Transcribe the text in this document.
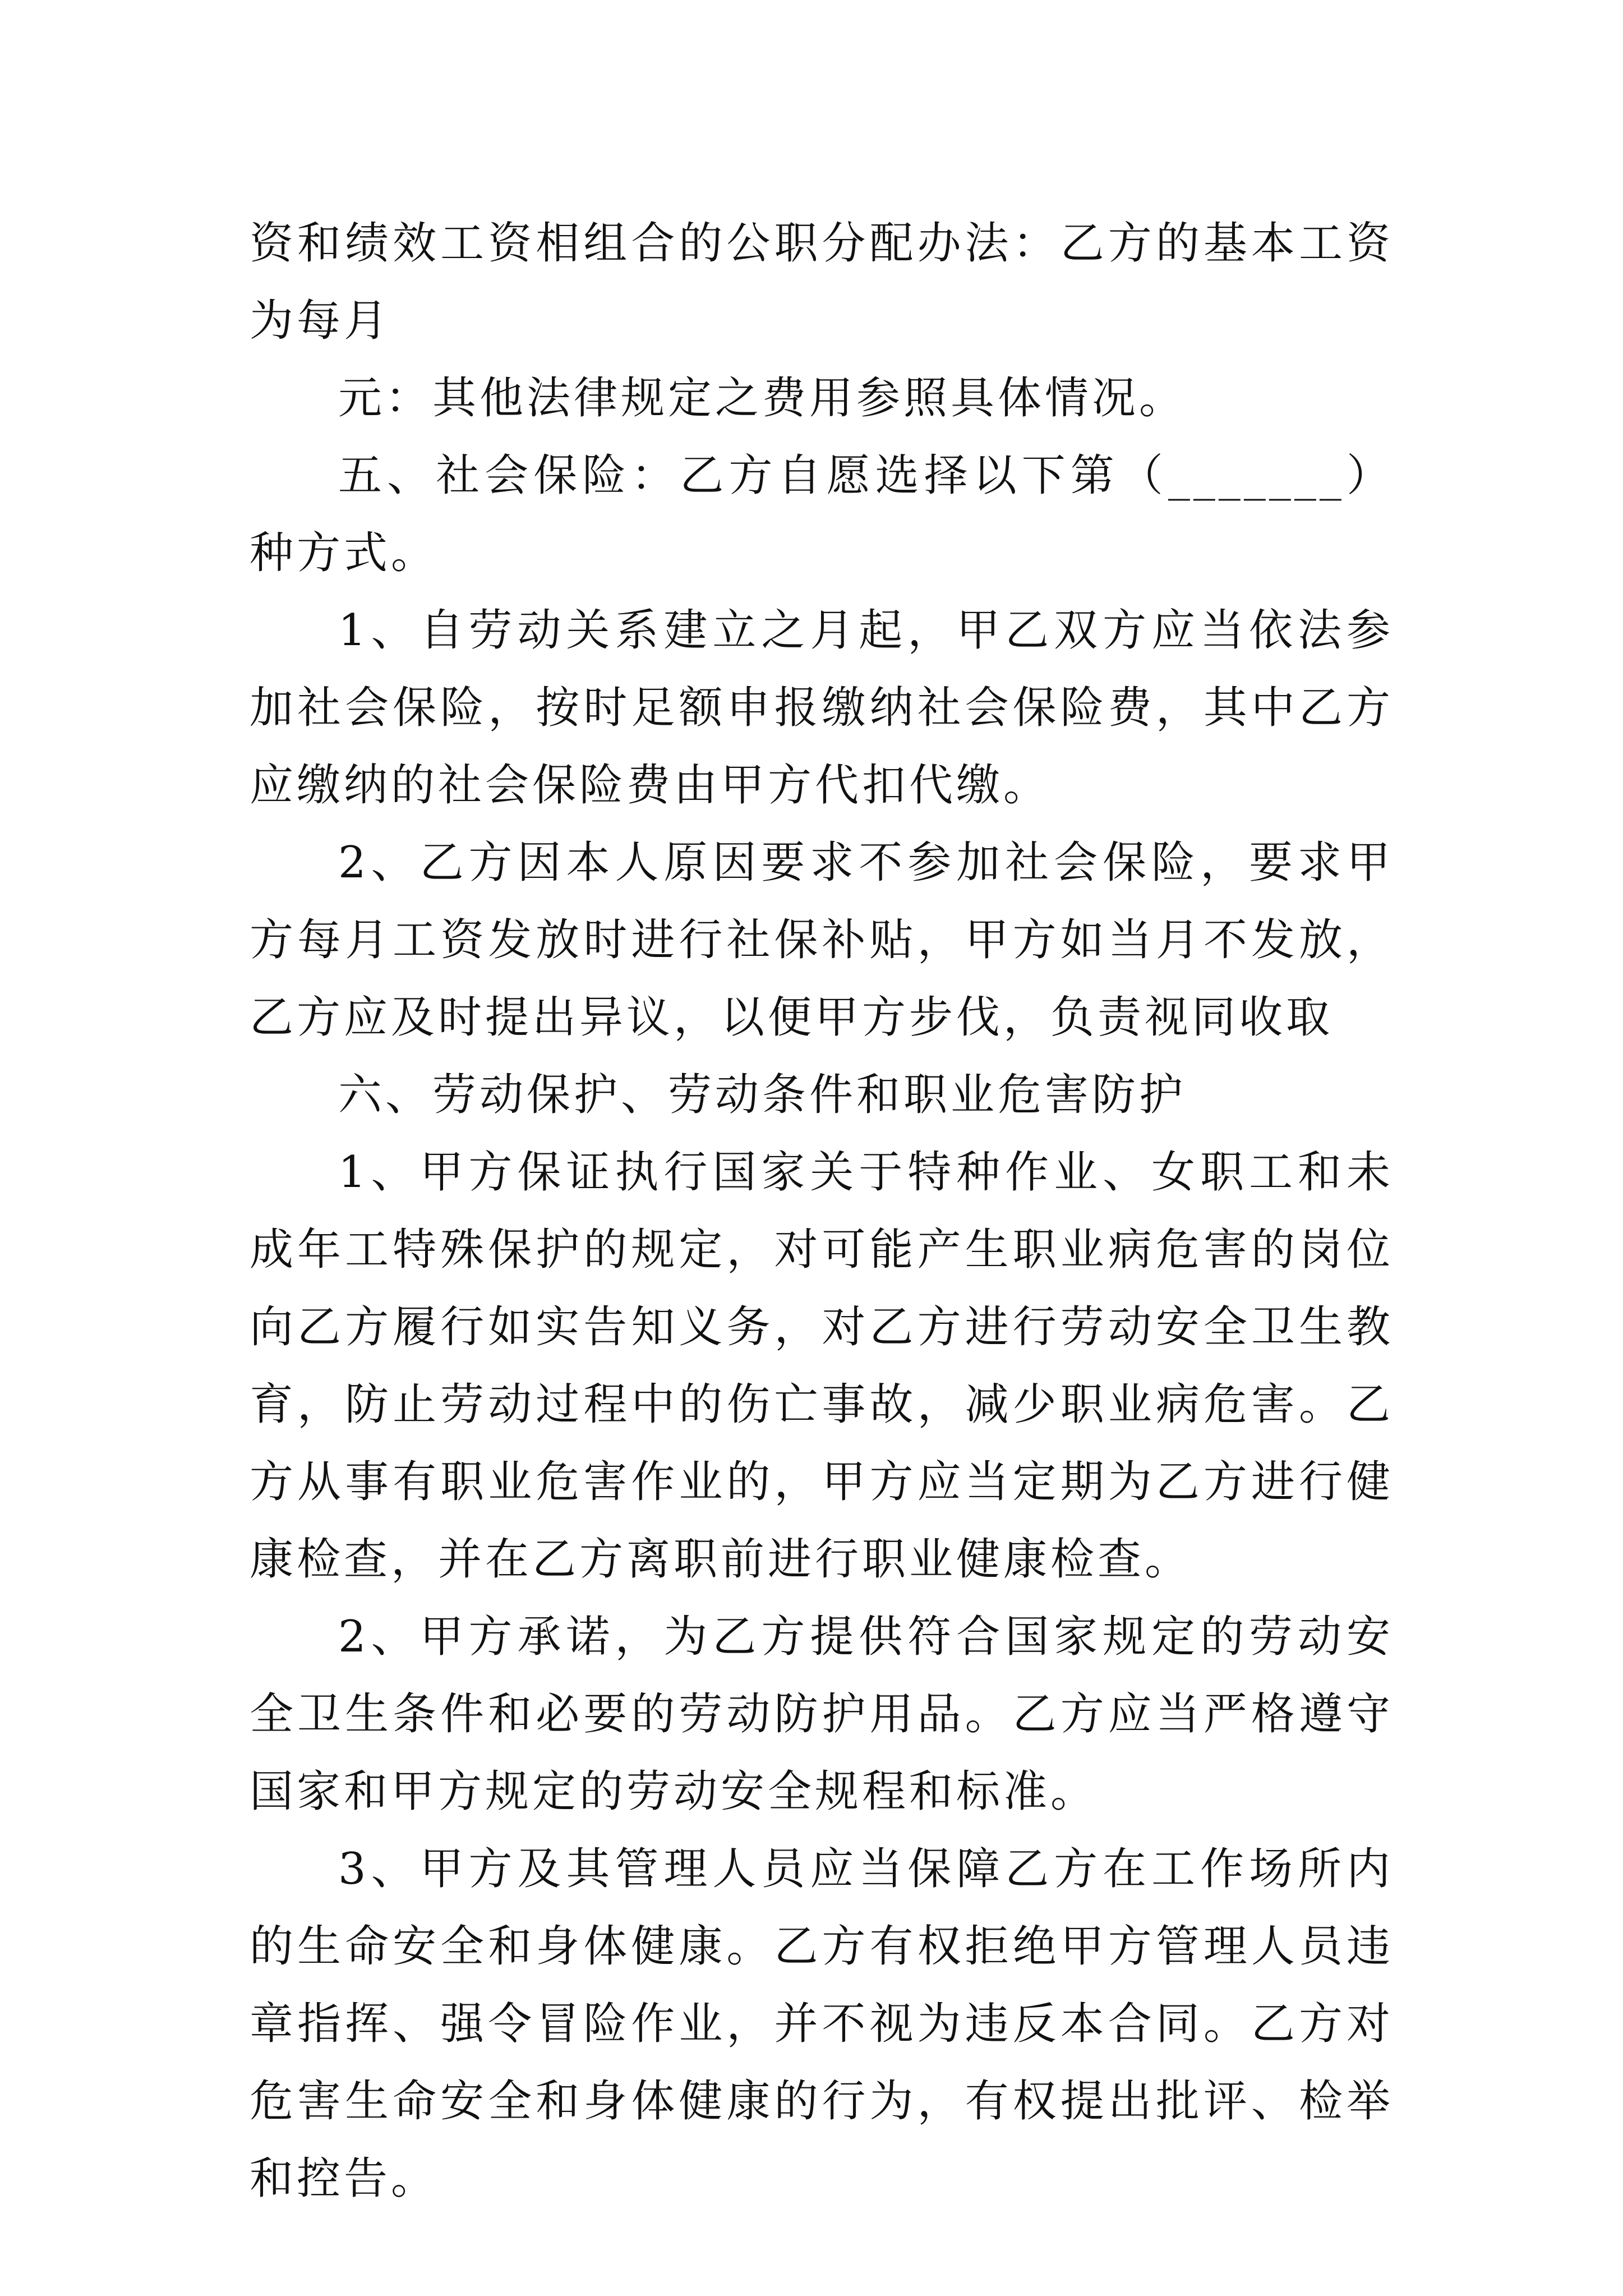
资和绩效工资相组合的公职分配办法：乙方的基本工资为每月

元：其他法律规定之费用参照具体情况。

五、社会保险：乙方自愿选择以下第（_______）种方式。

1、自劳动关系建立之月起，甲乙双方应当依法参加社会保险，按时足额申报缴纳社会保险费，其中乙方应缴纳的社会保险费由甲方代扣代缴。

2、乙方因本人原因要求不参加社会保险，要求甲方每月工资发放时进行社保补贴，甲方如当月不发放，乙方应及时提出异议，以便甲方步伐，负责视同收取

六、劳动保护、劳动条件和职业危害防护

1、甲方保证执行国家关于特种作业、女职工和未成年工特殊保护的规定，对可能产生职业病危害的岗位向乙方履行如实告知义务，对乙方进行劳动安全卫生教育，防止劳动过程中的伤亡事故，减少职业病危害。乙方从事有职业危害作业的，甲方应当定期为乙方进行健康检查，并在乙方离职前进行职业健康检查。

2、甲方承诺，为乙方提供符合国家规定的劳动安全卫生条件和必要的劳动防护用品。乙方应当严格遵守国家和甲方规定的劳动安全规程和标准。

3、甲方及其管理人员应当保障乙方在工作场所内的生命安全和身体健康。乙方有权拒绝甲方管理人员违章指挥、强令冒险作业，并不视为违反本合同。乙方对危害生命安全和身体健康的行为，有权提出批评、检举和控告。
